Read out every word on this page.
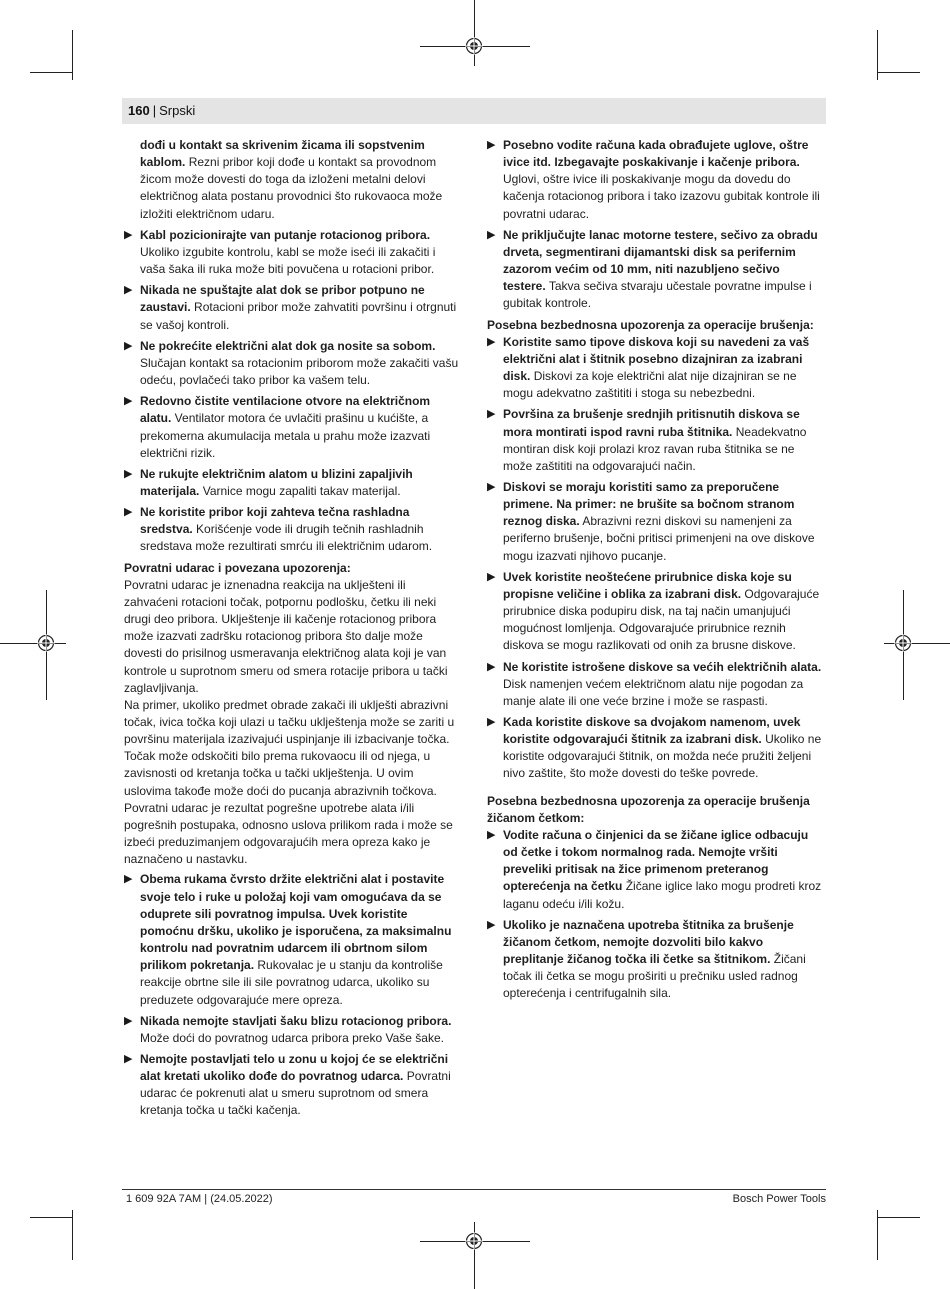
160 | Srpski
dođi u kontakt sa skrivenim žicama ili sopstvenim kablom. Rezni pribor koji dođe u kontakt sa provodnom žicom može dovesti do toga da izloženi metalni delovi električnog alata postanu provodnici što rukovaoca može izložiti električnom udaru.
▶ Kabl pozicionirajte van putanje rotacionog pribora. Ukoliko izgubite kontrolu, kabl se može iseći ili zakačiti i vaša šaka ili ruka može biti povučena u rotacioni pribor.
▶ Nikada ne spuštajte alat dok se pribor potpuno ne zaustavi. Rotacioni pribor može zahvatiti površinu i otrgnuti se vašoj kontroli.
▶ Ne pokrećite električni alat dok ga nosite sa sobom. Slučajan kontakt sa rotacionim priborom može zakačiti vašu odeću, povlačeći tako pribor ka vašem telu.
▶ Redovno čistite ventilacione otvore na električnom alatu. Ventilator motora će uvlačiti prašinu u kućište, a prekomerna akumulacija metala u prahu može izazvati električni rizik.
▶ Ne rukujte električnim alatom u blizini zapaljivih materijala. Varnice mogu zapaliti takav materijal.
▶ Ne koristite pribor koji zahteva tečna rashladna sredstva. Korišćenje vode ili drugih tečnih rashladnih sredstava može rezultirati smrću ili električnim udarom.

Povratni udarac i povezana upozorenja:

Povratni udarac je iznenadna reakcija na uklješteni ili zahvaćeni rotacioni točak, potpornu podlošku, četku ili neki drugi deo pribora. Uklještenje ili kačenje rotacionog pribora može izazvati zadršku rotacionog pribora što dalje može dovesti do prisilnog usmeravanja električnog alata koji je van kontrole u suprotnom smeru od smera rotacije pribora u tački zaglavljivanja.

Na primer, ukoliko predmet obrade zakači ili uklješti abrazivni točak, ivica točka koji ulazi u tačku uklještenja može se zariti u površinu materijala izazivajući uspinjanje ili izbacivanje točka. Točak može odskočiti bilo prema rukovaocu ili od njega, u zavisnosti od kretanja točka u tački uklještenja. U ovim uslovima takođe može doći do pucanja abrazivnih točkova.

Povratni udarac je rezultat pogrešne upotrebe alata i/ili pogrešnih postupaka, odnosno uslova prilikom rada i može se izbeći preduzimanjem odgovarajućih mera opreza kako je naznačeno u nastavku.

▶ Obema rukama čvrsto držite električni alat i postavite svoje telo i ruke u položaj koji vam omogućava da se odupretе sili povratnog impulsa. Uvek koristite pomoćnu dršku, ukoliko je isporučena, za maksimalnu kontrolu nad povratnim udarcem ili obrtnom silom prilikom pokretanja. Rukovalac je u stanju da kontroliše reakcije obrtne sile ili sile povratnog udarca, ukoliko su preduzete odgovarajuće mere opreza.
▶ Nikada nemojte stavljati šaku blizu rotacionog pribora. Može doći do povratnog udarca pribora preko Vaše šake.
▶ Nemojte postavljati telo u zonu u kojoj će se električni alat kretati ukoliko dođe do povratnog udarca. Povratni udarac će pokrenuti alat u smeru suprotnom od smera kretanja točka u tački kačenja.
▶ Posebno vodite računa kada obrađujete uglove, oštre ivice itd. Izbegavajte poskakivanje i kačenje pribora. Uglovi, oštre ivice ili poskakivanje mogu da dovedu do kačenja rotacionog pribora i tako izazovu gubitak kontrole ili povratni udarac.
▶ Ne priključujte lanac motorne testere, sečivo za obradu drveta, segmentirani dijamantski disk sa perifernim zazorom većim od 10 mm, niti nazubljeno sečivo testere. Takva sečiva stvaraju učestale povratne impulse i gubitak kontrole.

Posebna bezbednosna upozorenja za operacije brušenja:

▶ Koristite samo tipove diskova koji su navedeni za vaš električni alat i štitnik posebno dizajniran za izabrani disk. Diskovi za koje električni alat nije dizajniran se ne mogu adekvatno zaštititi i stoga su nebezbedni.
▶ Površina za brušenje srednjih pritisnutih diskova se mora montirati ispod ravni ruba štitnika. Neadekvatno montiran disk koji prolazi kroz ravan ruba štitnika se ne može zaštititi na odgovarajući način.
▶ Diskovi se moraju koristiti samo za preporučene primene. Na primer: ne brušite sa bočnom stranom reznog diska. Abrazivni rezni diskovi su namenjeni za periferno brušenje, bočni pritisci primenjeni na ove diskove mogu izazvati njihovo pucanje.
▶ Uvek koristite neoštećene prirubnice diska koje su propisne veličine i oblika za izabrani disk. Odgovarajuće prirubnice diska podupiru disk, na taj način umanjujući mogućnost lomljenja. Odgovarajuće prirubnice reznih diskova se mogu razlikovati od onih za brusne diskove.
▶ Ne koristite istrošene diskove sa većih električnih alata. Disk namenjen većem električnom alatu nije pogodan za manje alate ili one veće brzine i može se raspasti.
▶ Kada koristite diskove sa dvojakom namenom, uvek koristite odgovarajući štitnik za izabrani disk. Ukoliko ne koristite odgovarajući štitnik, on možda neće pružiti željeni nivo zaštite, što može dovesti do teške povrede.

Posebna bezbednosna upozorenja za operacije brušenja žičanom četkom:

▶ Vodite računa o činjenici da se žičane iglice odbacuju od četke i tokom normalnog rada. Nemojte vršiti preveliki pritisak na žice primenom preteranog opterećenja na četku Žičane iglice lako mogu prodreti kroz laganu odeću i/ili kožu.
▶ Ukoliko je naznačena upotreba štitnika za brušenje žičanom četkom, nemojte dozvoliti bilo kakvo preplitanje žičanog točka ili četke sa štitnikom. Žičani točak ili četka se mogu proširiti u prečniku usled radnog opterećenja i centrifugalnih sila.
1 609 92A 7AM | (24.05.2022)	Bosch Power Tools
